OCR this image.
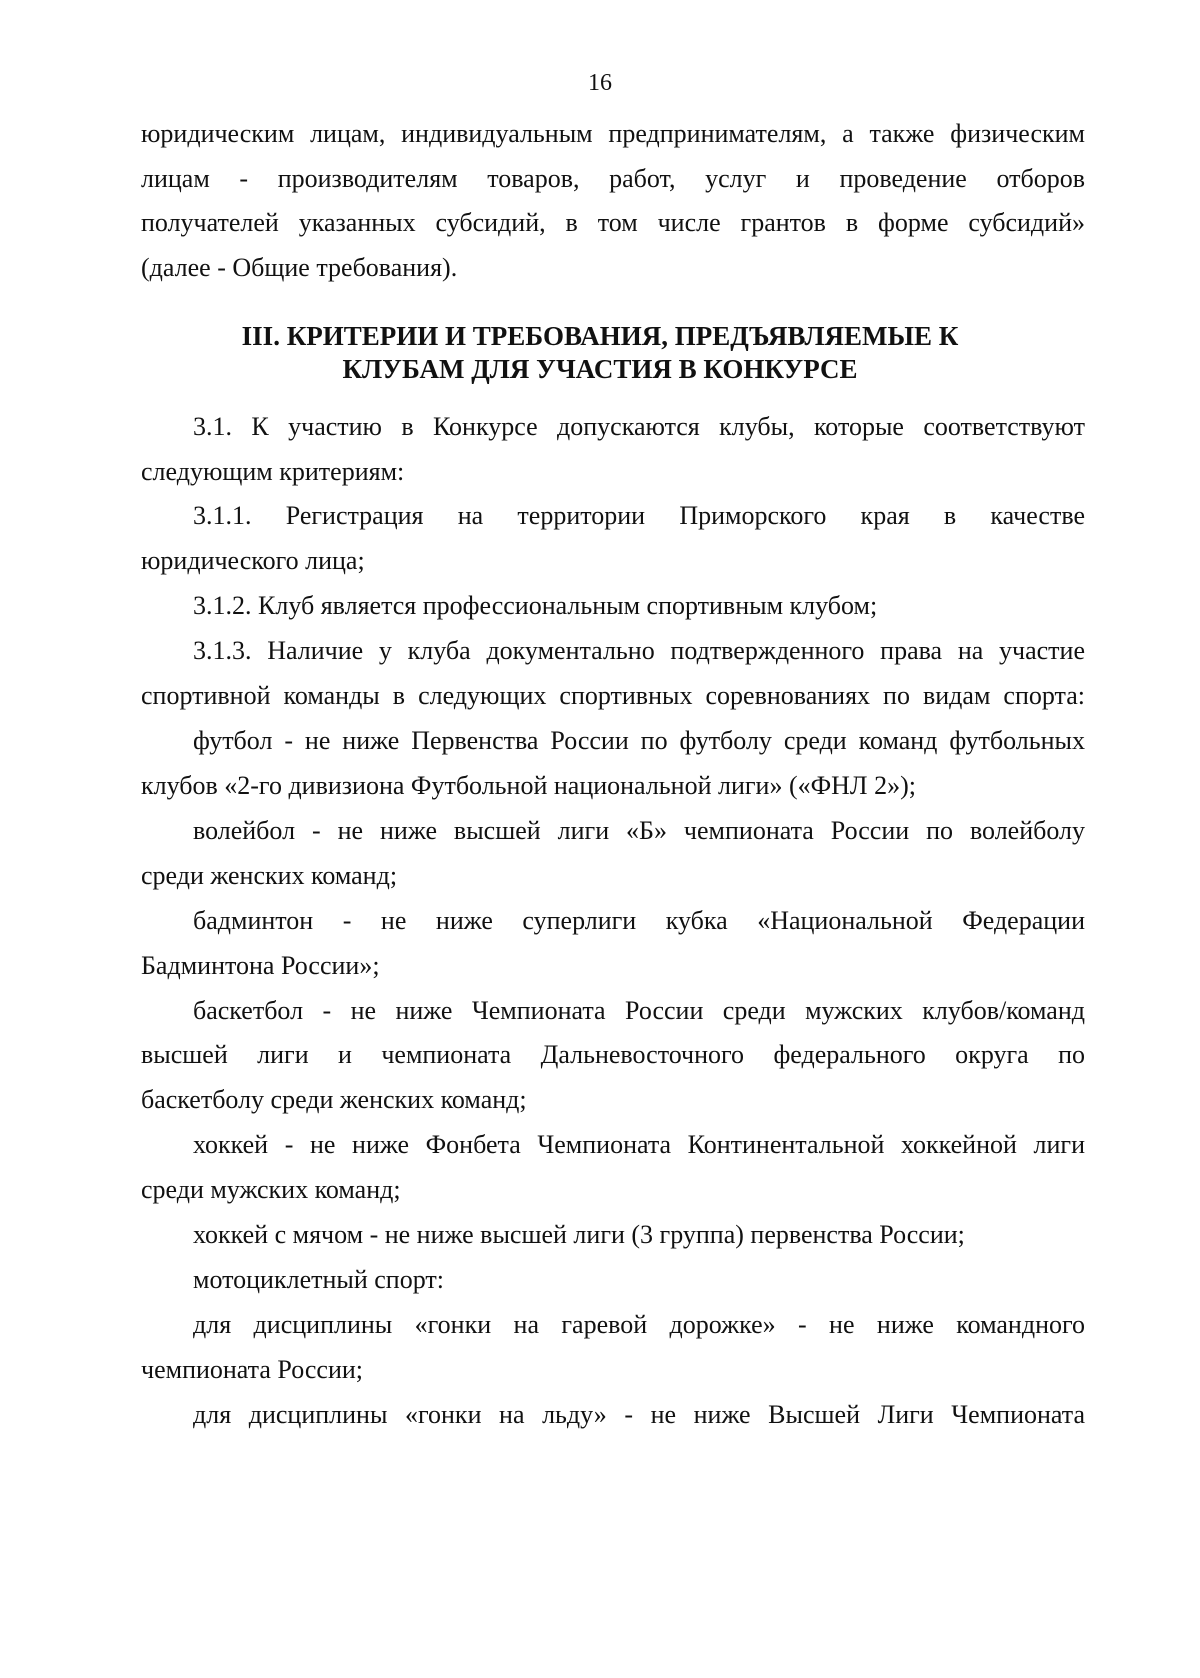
16
юридическим лицам, индивидуальным предпринимателям, а также физическим
лицам - производителям товаров, работ, услуг и проведение отборов
получателей указанных субсидий, в том числе грантов в форме субсидий»
(далее - Общие требования).
III. КРИТЕРИИ И ТРЕБОВАНИЯ, ПРЕДЪЯВЛЯЕМЫЕ К
КЛУБАМ ДЛЯ УЧАСТИЯ В КОНКУРСЕ
3.1. К участию в Конкурсе допускаются клубы, которые соответствуют
следующим критериям:
3.1.1. Регистрация на территории Приморского края в качестве
юридического лица;
3.1.2. Клуб является профессиональным спортивным клубом;
3.1.3. Наличие у клуба документально подтвержденного права на участие
спортивной команды в следующих спортивных соревнованиях по видам спорта:
футбол - не ниже Первенства России по футболу среди команд футбольных
клубов «2-го дивизиона Футбольной национальной лиги» («ФНЛ 2»);
волейбол - не ниже высшей лиги «Б» чемпионата России по волейболу
среди женских команд;
бадминтон - не ниже суперлиги кубка «Национальной Федерации
Бадминтона России»;
баскетбол - не ниже Чемпионата России среди мужских клубов/команд
высшей лиги и чемпионата Дальневосточного федерального округа по
баскетболу среди женских команд;
хоккей - не ниже Фонбета Чемпионата Континентальной хоккейной лиги
среди мужских команд;
хоккей с мячом - не ниже высшей лиги (3 группа) первенства России;
мотоциклетный спорт:
для дисциплины «гонки на гаревой дорожке» - не ниже командного
чемпионата России;
для дисциплины «гонки на льду» - не ниже Высшей Лиги Чемпионата
